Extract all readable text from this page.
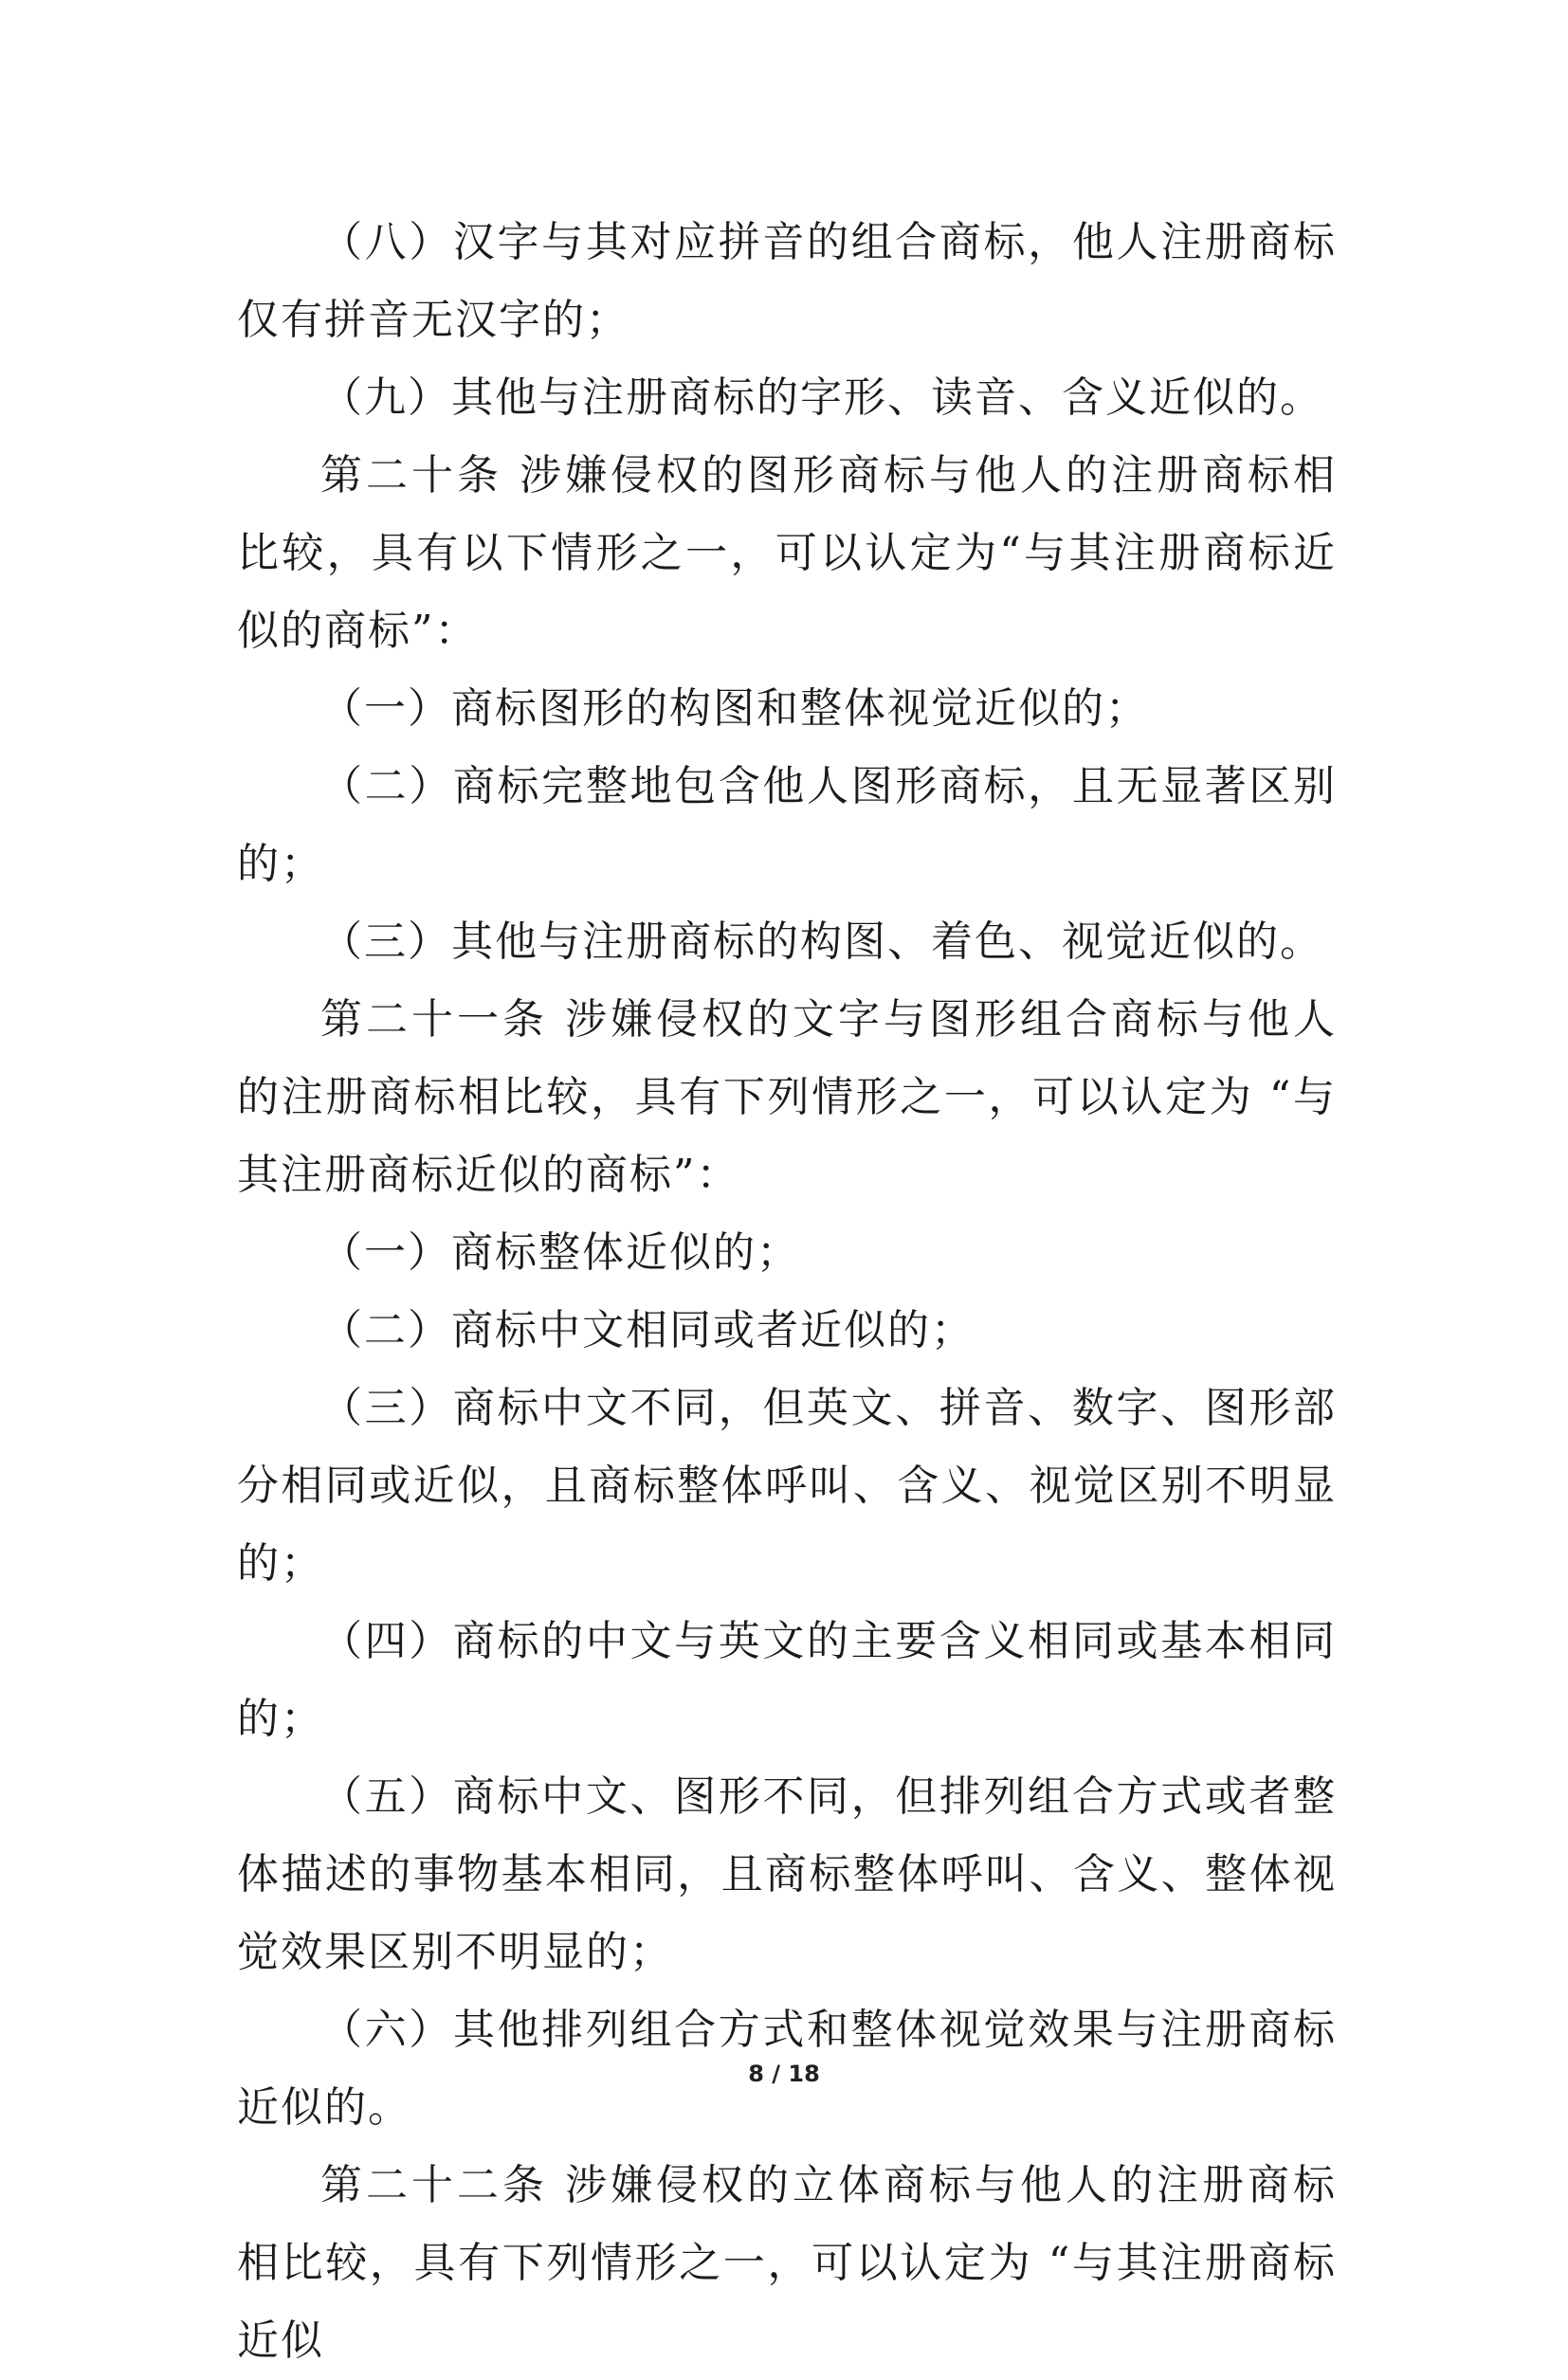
（八）汉字与其对应拼音的组合商标，他人注册商标仅有拼音无汉字的；

（九）其他与注册商标的字形、读音、含义近似的。

第二十条 涉嫌侵权的图形商标与他人的注册商标相比较，具有以下情形之一，可以认定为“与其注册商标近似的商标”：

（一）商标图形的构图和整体视觉近似的；

（二）商标完整地包含他人图形商标，且无显著区别的；

（三）其他与注册商标的构图、着色、视觉近似的。

第二十一条 涉嫌侵权的文字与图形组合商标与他人的注册商标相比较，具有下列情形之一，可以认定为 “与其注册商标近似的商标”：

（一）商标整体近似的；

（二）商标中文相同或者近似的；

（三）商标中文不同，但英文、拼音、数字、图形部分相同或近似，且商标整体呼叫、含义、视觉区别不明显的；

（四）商标的中文与英文的主要含义相同或基本相同的；

（五）商标中文、图形不同，但排列组合方式或者整体描述的事物基本相同，且商标整体呼叫、含义、整体视觉效果区别不明显的；

（六）其他排列组合方式和整体视觉效果与注册商标近似的。

第二十二条 涉嫌侵权的立体商标与他人的注册商标相比较，具有下列情形之一，可以认定为 “与其注册商标近似

8 / 18
